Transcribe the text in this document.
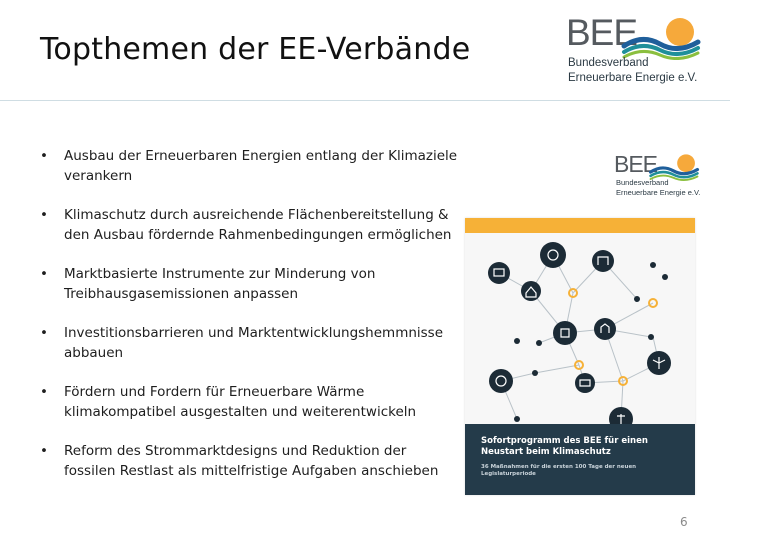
Topthemen der EE-Verbände	BEE
Bundesverband
Erneuerbare Energie e.V.
• Ausbau der Erneuerbaren Energien entlang der Klimaziele verankern
• Klimaschutz durch ausreichende Flächenbereitstellung & den Ausbau fördernde Rahmenbedingungen ermöglichen
• Marktbasierte Instrumente zur Minderung von Treibhausgasemissionen anpassen
• Investitionsbarrieren und Marktentwicklungshemmnisse abbauen
• Fördern und Fordern für Erneuerbare Wärme klimakompatibel ausgestalten und weiterentwickeln
• Reform des Strommarktdesigns und Reduktion der fossilen Restlast als mittelfristige Aufgaben anschieben
BEE
Bundesverband
Erneuerbare Energie e.V.
Sofortprogramm des BEE für einen Neustart beim Klimaschutz
36 Maßnahmen für die ersten 100 Tage der neuen Legislaturperiode
6
